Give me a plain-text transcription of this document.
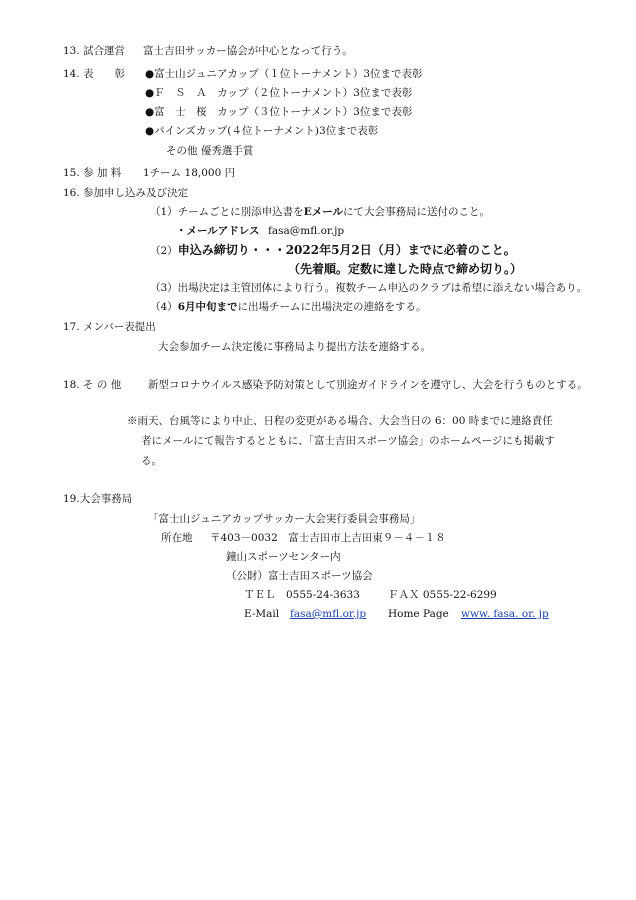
13. 試合運営 富士吉田サッカー協会が中心となって行う。
14. 表　　彰 ●富士山ジュニアカップ（１位トーナメント）3位まで表彰
●Ｆ　Ｓ　Ａ　カップ（２位トーナメント）3位まで表彰
●富　士　桜　カップ（３位トーナメント）3位まで表彰
●パインズカップ(４位トーナメント)3位まで表彰
その他 優秀選手賞
15. 参 加 料 1チーム 18,000 円
16. 参加申し込み及び決定
（1）チームごとに別添申込書をEメールにて大会事務局に送付のこと。
・メールアドレス fasa@mfl.or.jp
（2）申込み締切り・・・2022年5月2日（月）までに必着のこと。
（先着順。定数に達した時点で締め切り。）
（3）出場決定は主管団体により行う。複数チーム申込のクラブは希望に添えない場合あり。
（4）6月中旬までに出場チームに出場決定の連絡をする。
17. メンバー表提出
大会参加チーム決定後に事務局より提出方法を連絡する。
18. そ の 他	新型コロナウイルス感染予防対策として別途ガイドラインを遵守し、大会を行うものとする。
※雨天、台風等により中止、日程の変更がある場合、大会当日の 6：00 時までに連絡責任
者にメールにて報告するとともに、「富士吉田スポーツ協会」のホームページにも掲載す
る。
19.大会事務局
「富士山ジュニアカップサッカー大会実行委員会事務局」
所在地 〒403－0032　富士吉田市上吉田東９－４－１８
鐘山スポーツセンター内
（公財）富士吉田スポーツ協会
ＴＥＬ　0555-24-3633	ＦＡＸ 0555-22-6299
E-Mail fasa@mfl.or.jp Home Page www. fasa. or. jp
